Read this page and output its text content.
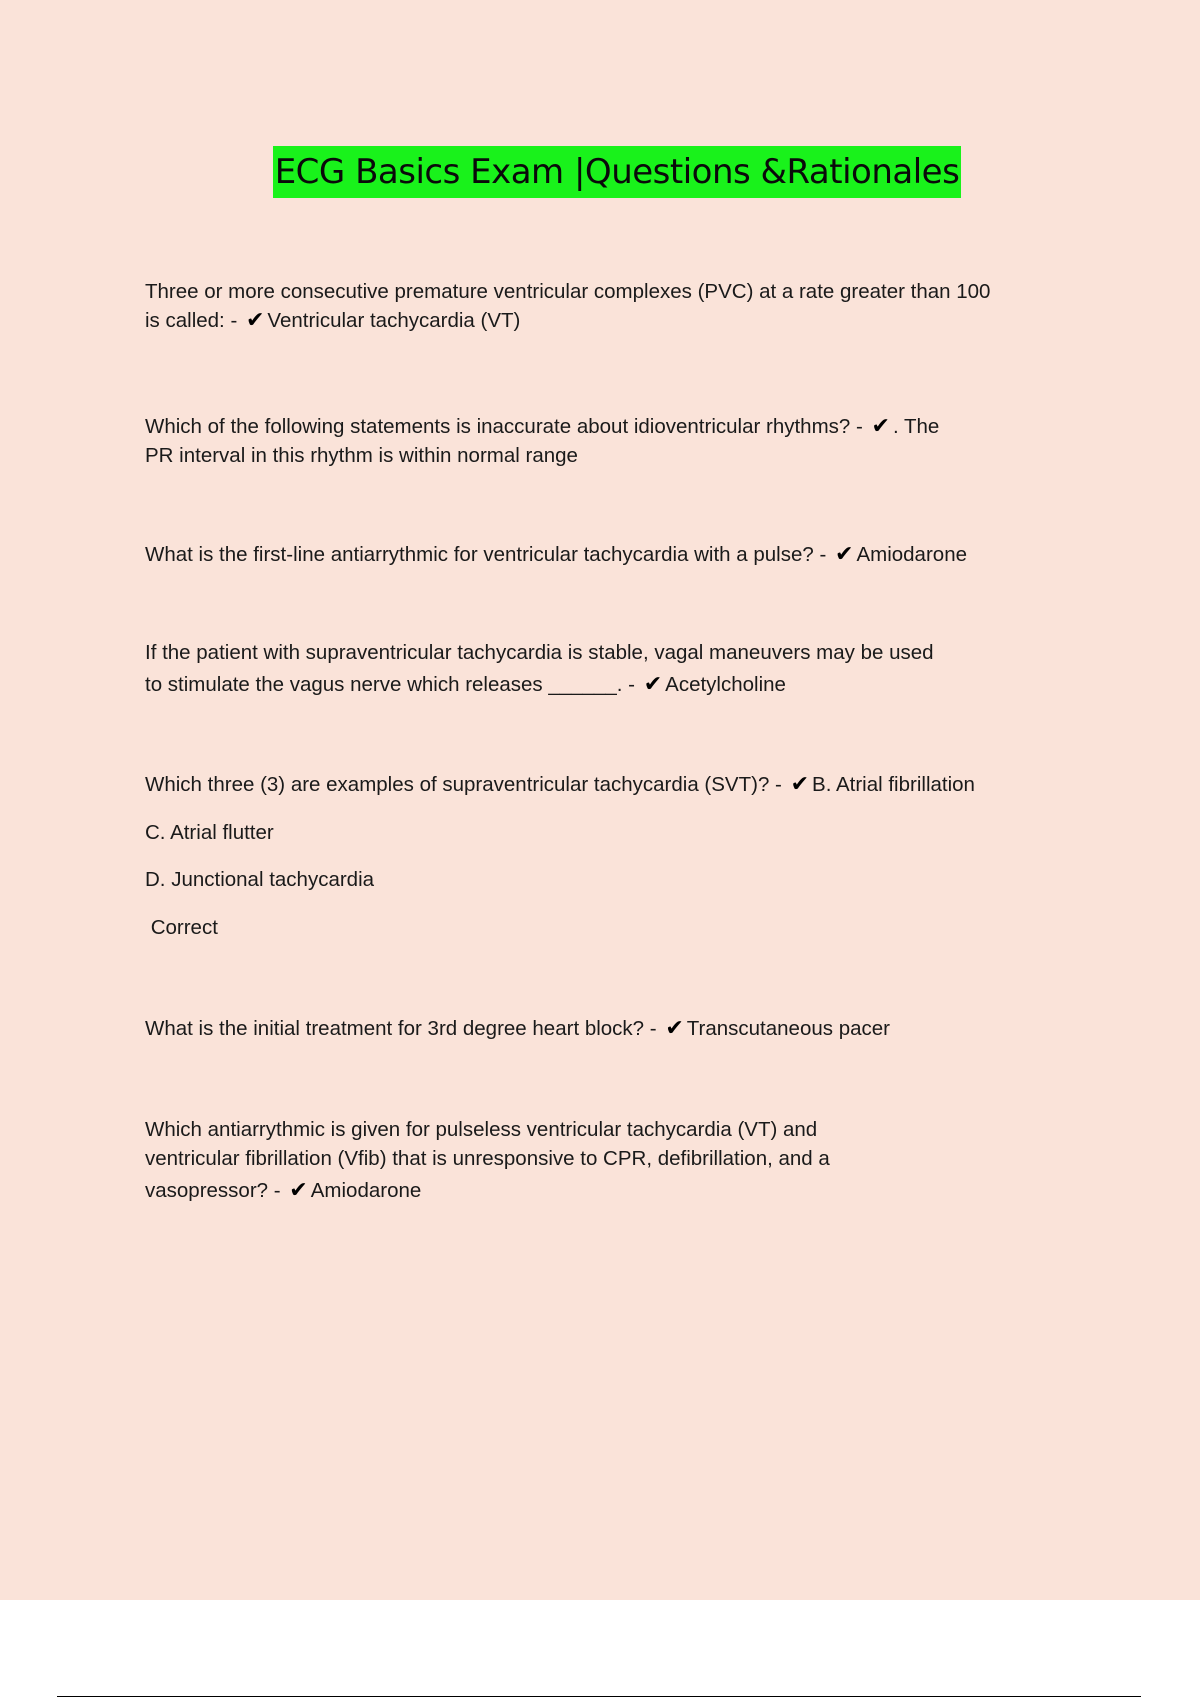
ECG Basics Exam |Questions &Rationales
Three or more consecutive premature ventricular complexes (PVC) at a rate greater than 100
is called: - ✔ Ventricular tachycardia (VT)
Which of the following statements is inaccurate about idioventricular rhythms? - ✔ . The
PR interval in this rhythm is within normal range
What is the first-line antiarrythmic for ventricular tachycardia with a pulse? - ✔ Amiodarone
If the patient with supraventricular tachycardia is stable, vagal maneuvers may be used
to stimulate the vagus nerve which releases ______. - ✔ Acetylcholine
Which three (3) are examples of supraventricular tachycardia (SVT)? - ✔ B. Atrial fibrillation
C. Atrial flutter
D. Junctional tachycardia
Correct
What is the initial treatment for 3rd degree heart block? - ✔ Transcutaneous pacer
Which antiarrythmic is given for pulseless ventricular tachycardia (VT) and
ventricular fibrillation (Vfib) that is unresponsive to CPR, defibrillation, and a
vasopressor? - ✔ Amiodarone
